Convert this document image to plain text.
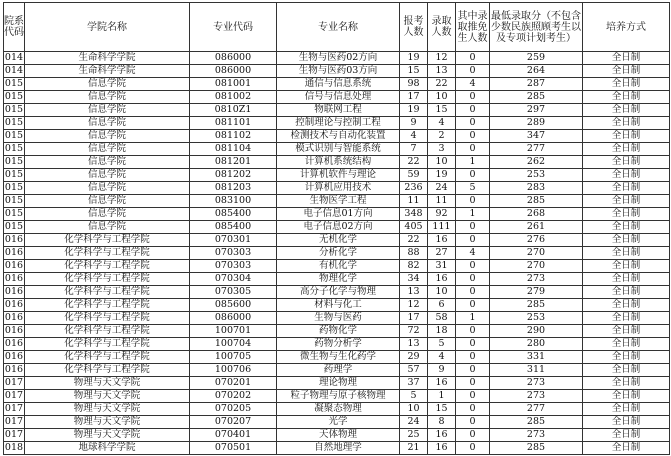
院系代码	学院名称	专业代码	专业名称	报考人数	录取人数	其中录取推免生人数	最低录取分（不包含少数民族照顾考生以及专项计划考生）	培养方式
014	生命科学学院	086000	生物与医药02方向	19	12	0	259	全日制
014	生命科学学院	086000	生物与医药03方向	15	13	0	264	全日制
015	信息学院	081001	通信与信息系统	98	22	4	287	全日制
015	信息学院	081002	信号与信息处理	17	10	0	285	全日制
015	信息学院	0810Z1	物联网工程	19	15	0	297	全日制
015	信息学院	081101	控制理论与控制工程	9	4	0	289	全日制
015	信息学院	081102	检测技术与自动化装置	4	2	0	347	全日制
015	信息学院	081104	模式识别与智能系统	7	3	0	277	全日制
015	信息学院	081201	计算机系统结构	22	10	1	262	全日制
015	信息学院	081202	计算机软件与理论	59	19	0	253	全日制
015	信息学院	081203	计算机应用技术	236	24	5	283	全日制
015	信息学院	083100	生物医学工程	11	11	0	285	全日制
015	信息学院	085400	电子信息01方向	348	92	1	268	全日制
015	信息学院	085400	电子信息02方向	405	111	0	261	全日制
016	化学科学与工程学院	070301	无机化学	22	16	0	276	全日制
016	化学科学与工程学院	070303	分析化学	88	27	4	270	全日制
016	化学科学与工程学院	070303	有机化学	82	31	0	270	全日制
016	化学科学与工程学院	070304	物理化学	34	16	0	273	全日制
016	化学科学与工程学院	070305	高分子化学与物理	13	10	0	279	全日制
016	化学科学与工程学院	085600	材料与化工	12	6	0	285	全日制
016	化学科学与工程学院	086000	生物与医药	17	58	1	253	全日制
016	化学科学与工程学院	100701	药物化学	72	18	0	290	全日制
016	化学科学与工程学院	100704	药物分析学	13	5	0	280	全日制
016	化学科学与工程学院	100705	微生物与生化药学	29	4	0	331	全日制
016	化学科学与工程学院	100706	药理学	57	9	0	311	全日制
017	物理与天文学院	070201	理论物理	37	16	0	273	全日制
017	物理与天文学院	070202	粒子物理与原子核物理	5	1	0	273	全日制
017	物理与天文学院	070205	凝聚态物理	10	15	0	277	全日制
017	物理与天文学院	070207	光学	24	8	0	285	全日制
017	物理与天文学院	070401	天体物理	25	16	0	273	全日制
018	地球科学学院	070501	自然地理学	21	16	0	285	全日制
